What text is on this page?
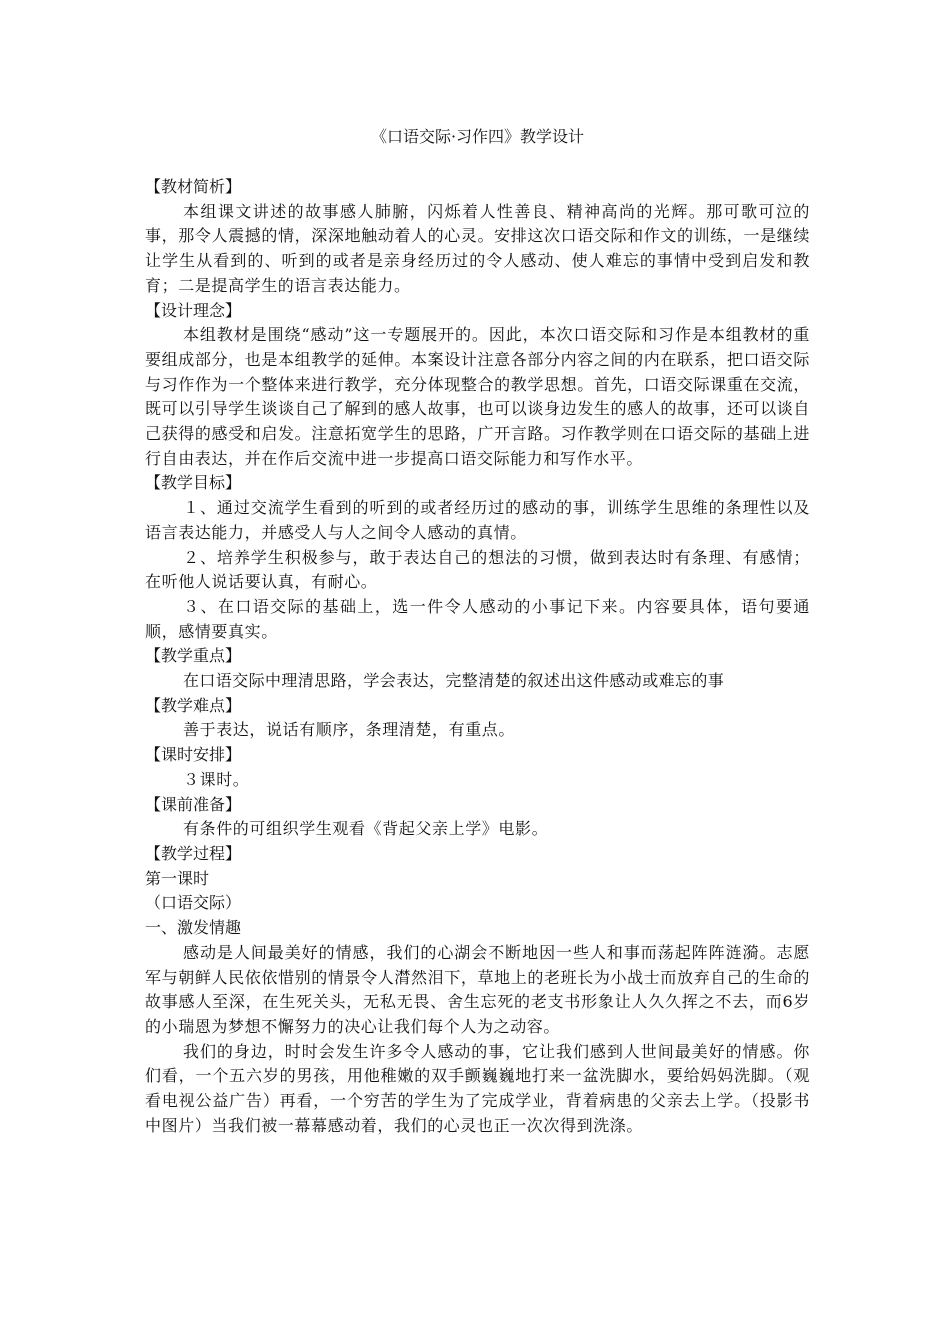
《口语交际·习作四》教学设计

【教材简析】

本组课文讲述的故事感人肺腑，闪烁着人性善良、精神高尚的光辉。那可歌可泣的事，那令人震撼的情，深深地触动着人的心灵。安排这次口语交际和作文的训练，一是继续让学生从看到的、听到的或者是亲身经历过的令人感动、使人难忘的事情中受到启发和教育；二是提高学生的语言表达能力。

【设计理念】

本组教材是围绕“感动”这一专题展开的。因此，本次口语交际和习作是本组教材的重要组成部分，也是本组教学的延伸。本案设计注意各部分内容之间的内在联系，把口语交际与习作作为一个整体来进行教学，充分体现整合的教学思想。首先，口语交际课重在交流，既可以引导学生谈谈自己了解到的感人故事，也可以谈身边发生的感人的故事，还可以谈自己获得的感受和启发。注意拓宽学生的思路，广开言路。习作教学则在口语交际的基础上进行自由表达，并在作后交流中进一步提高口语交际能力和写作水平。

【教学目标】

１、通过交流学生看到的听到的或者经历过的感动的事，训练学生思维的条理性以及语言表达能力，并感受人与人之间令人感动的真情。

２、培养学生积极参与，敢于表达自己的想法的习惯，做到表达时有条理、有感情；在听他人说话要认真，有耐心。

３、在口语交际的基础上，选一件令人感动的小事记下来。内容要具体，语句要通顺，感情要真实。

【教学重点】

在口语交际中理清思路，学会表达，完整清楚的叙述出这件感动或难忘的事

【教学难点】

善于表达，说话有顺序，条理清楚，有重点。

【课时安排】

３课时。

【课前准备】

有条件的可组织学生观看《背起父亲上学》电影。

【教学过程】

第一课时

（口语交际）

一、激发情趣

感动是人间最美好的情感，我们的心湖会不断地因一些人和事而荡起阵阵涟漪。志愿军与朝鲜人民依依惜别的情景令人潸然泪下，草地上的老班长为小战士而放弃自己的生命的故事感人至深，在生死关头，无私无畏、舍生忘死的老支书形象让人久久挥之不去，而6岁的小瑞恩为梦想不懈努力的决心让我们每个人为之动容。

我们的身边，时时会发生许多令人感动的事，它让我们感到人世间最美好的情感。你们看，一个五六岁的男孩，用他稚嫩的双手颤巍巍地打来一盆洗脚水，要给妈妈洗脚。（观看电视公益广告）再看，一个穷苦的学生为了完成学业，背着病患的父亲去上学。（投影书中图片）当我们被一幕幕感动着，我们的心灵也正一次次得到洗涤。
